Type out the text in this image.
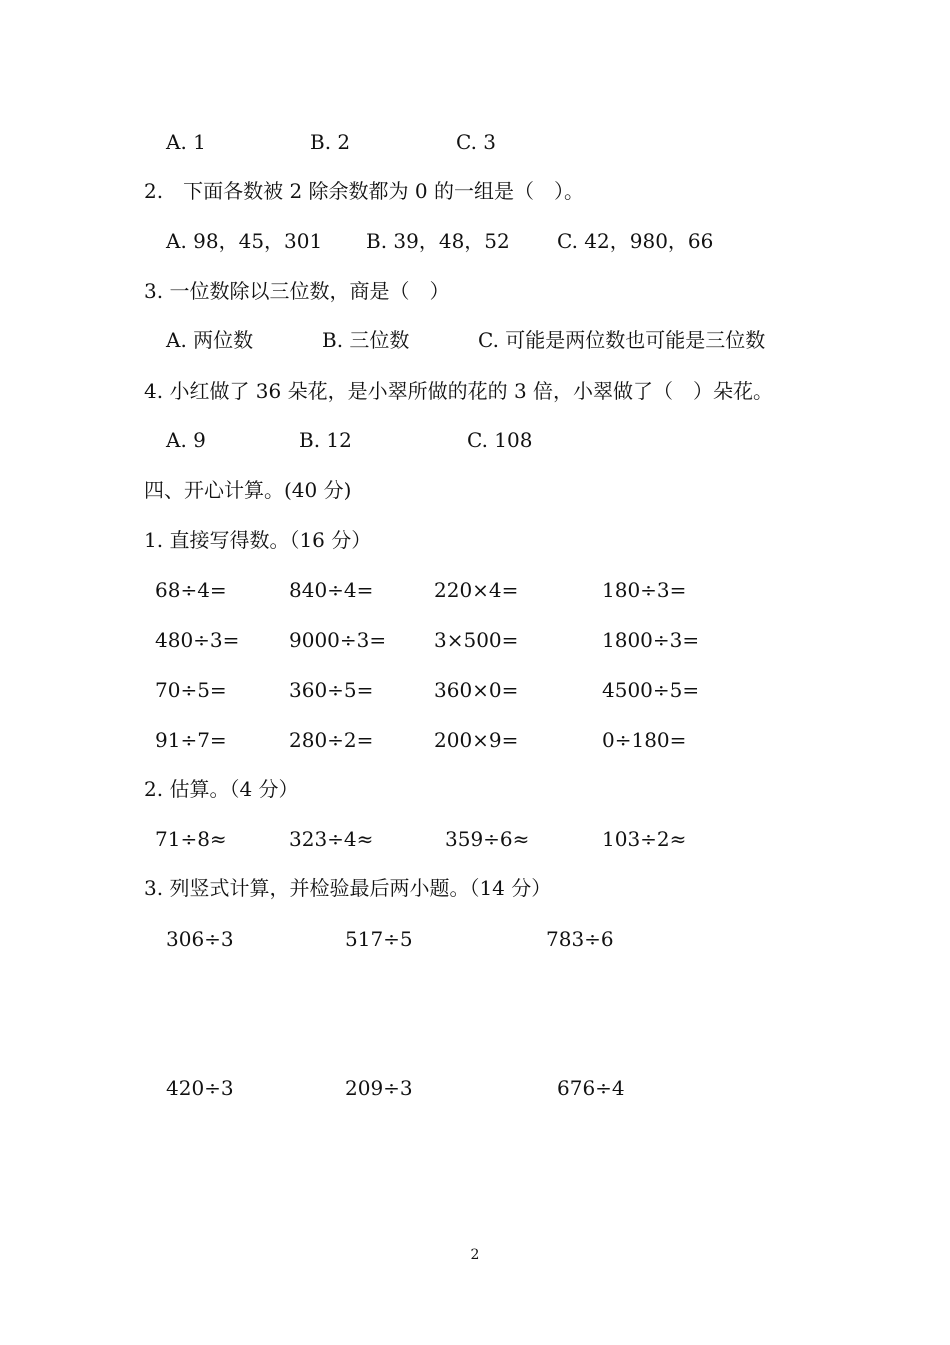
A. 1	B. 2	C. 3
2.　下面各数被 2 除余数都为 0 的一组是（　）。
A. 98，45，301 B. 39，48，52 C. 42，980，66
3. 一位数除以三位数，商是（　）
A. 两位数	B. 三位数	C. 可能是两位数也可能是三位数
4. 小红做了 36 朵花，是小翠所做的花的 3 倍，小翠做了（　）朵花。
A. 9	B. 12	C. 108
四、开心计算。(40 分)
1. 直接写得数。（16 分）
68÷4=	840÷4=	220×4=	180÷3=
480÷3= 9000÷3= 3×500=	1800÷3=
70÷5=	360÷5=	360×0=	4500÷5=
91÷7=	280÷2=	200×9=	0÷180=
2. 估算。（4 分）
71÷8≈	323÷4≈	359÷6≈	103÷2≈
3. 列竖式计算，并检验最后两小题。（14 分）
306÷3	517÷5	783÷6
420÷3	209÷3	676÷4
2
